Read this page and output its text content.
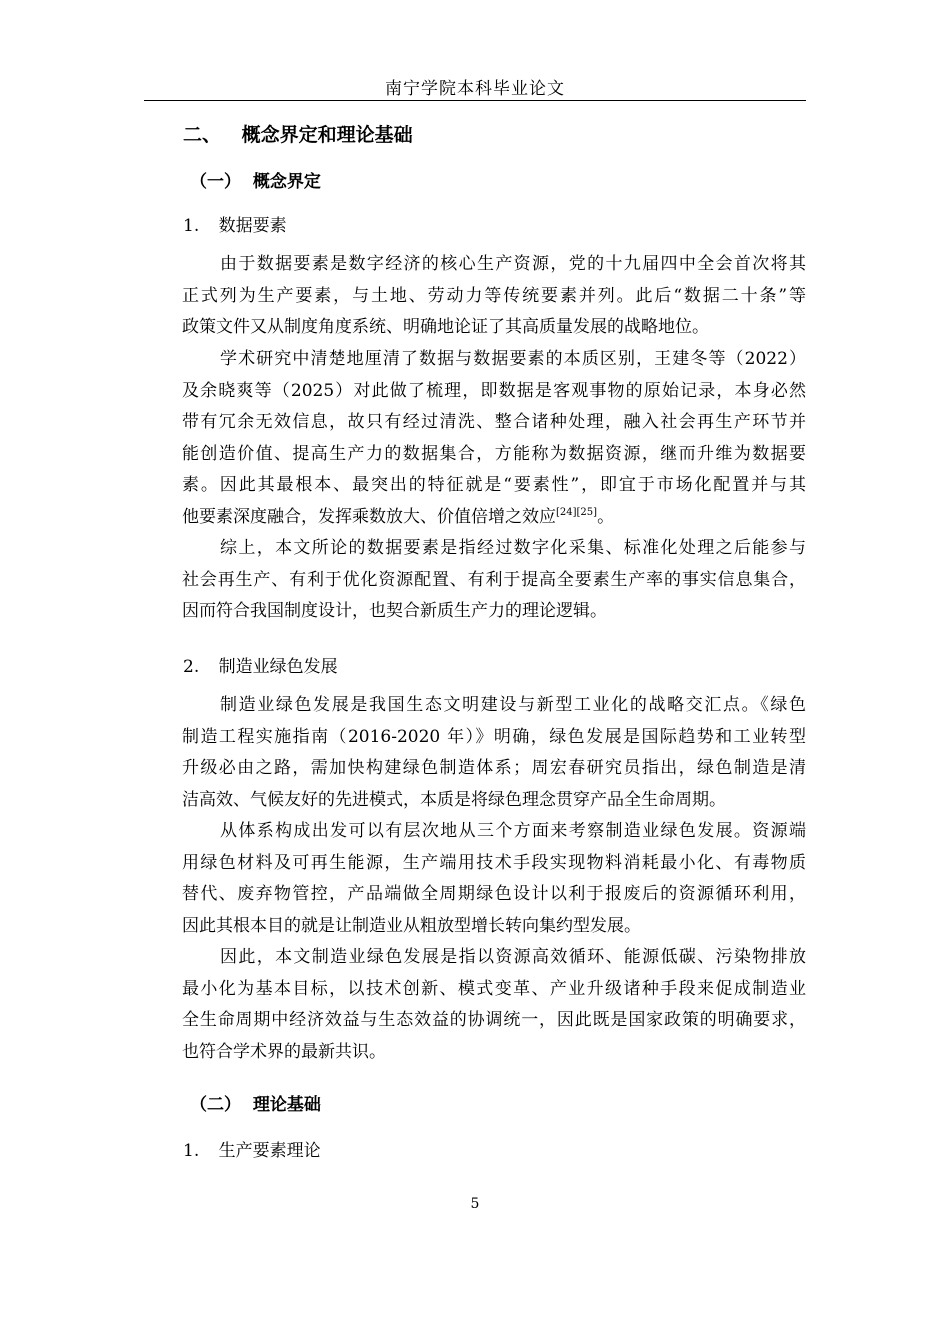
南宁学院本科毕业论文
二、 概念界定和理论基础
（一） 概念界定
1. 数据要素
由于数据要素是数字经济的核心生产资源，党的十九届四中全会首次将其
正式列为生产要素，与土地、劳动力等传统要素并列。此后“数据二十条”等
政策文件又从制度角度系统、明确地论证了其高质量发展的战略地位。
学术研究中清楚地厘清了数据与数据要素的本质区别，王建冬等（2022）
及余晓爽等（2025）对此做了梳理，即数据是客观事物的原始记录，本身必然
带有冗余无效信息，故只有经过清洗、整合诸种处理，融入社会再生产环节并
能创造价值、提高生产力的数据集合，方能称为数据资源，继而升维为数据要
素。因此其最根本、最突出的特征就是“要素性”，即宜于市场化配置并与其
他要素深度融合，发挥乘数放大、价值倍增之效应[24][25]。
综上，本文所论的数据要素是指经过数字化采集、标准化处理之后能参与
社会再生产、有利于优化资源配置、有利于提高全要素生产率的事实信息集合，
因而符合我国制度设计，也契合新质生产力的理论逻辑。
2. 制造业绿色发展
制造业绿色发展是我国生态文明建设与新型工业化的战略交汇点。《绿色
制造工程实施指南（2016-2020 年）》明确，绿色发展是国际趋势和工业转型
升级必由之路，需加快构建绿色制造体系；周宏春研究员指出，绿色制造是清
洁高效、气候友好的先进模式，本质是将绿色理念贯穿产品全生命周期。
从体系构成出发可以有层次地从三个方面来考察制造业绿色发展。资源端
用绿色材料及可再生能源，生产端用技术手段实现物料消耗最小化、有毒物质
替代、废弃物管控，产品端做全周期绿色设计以利于报废后的资源循环利用，
因此其根本目的就是让制造业从粗放型增长转向集约型发展。
因此，本文制造业绿色发展是指以资源高效循环、能源低碳、污染物排放
最小化为基本目标，以技术创新、模式变革、产业升级诸种手段来促成制造业
全生命周期中经济效益与生态效益的协调统一，因此既是国家政策的明确要求，
也符合学术界的最新共识。
（二） 理论基础
1. 生产要素理论
5
